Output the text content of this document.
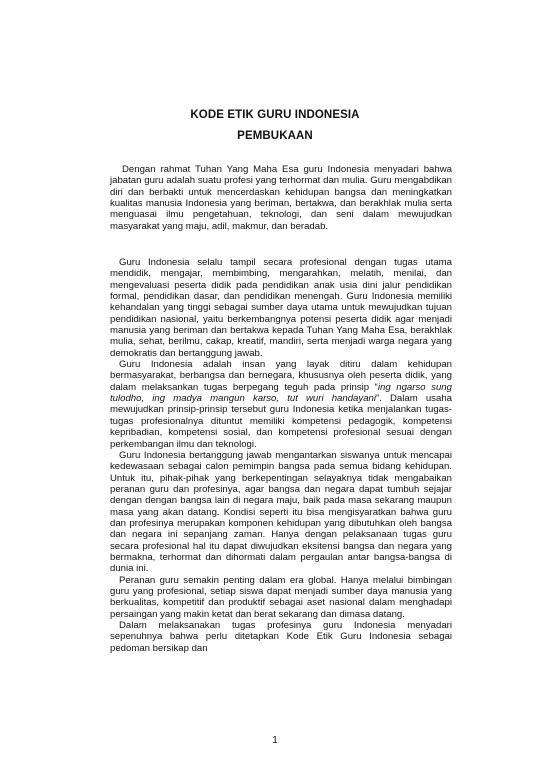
KODE ETIK GURU INDONESIA
PEMBUKAAN

Dengan rahmat Tuhan Yang Maha Esa guru Indonesia menyadari bahwa jabatan guru adalah suatu profesi yang terhormat dan mulia. Guru mengabdikan diri dan berbakti untuk mencerdaskan kehidupan bangsa dan meningkatkan kualitas manusia Indonesia yang beriman, bertakwa, dan berakhlak mulia serta menguasai ilmu pengetahuan, teknologi, dan seni dalam mewujudkan masyarakat yang maju, adil, makmur, dan beradab.

Guru Indonesia selalu tampil secara profesional dengan tugas utama mendidik, mengajar, membimbing, mengarahkan, melatih, menilai, dan mengevaluasi peserta didik pada pendidikan anak usia dini jalur pendidikan formal, pendidikan dasar, dan pendidikan menengah. Guru Indonesia memiliki kehandalan yang tinggi sebagai sumber daya utama untuk mewujudkan tujuan pendidikan nasional, yaitu berkembangnya potensi peserta didik agar menjadi manusia yang beriman dan bertakwa kepada Tuhan Yang Maha Esa, berakhlak mulia, sehat, berilmu, cakap, kreatif, mandiri, serta menjadi warga negara yang demokratis dan bertanggung jawab.

Guru Indonesia adalah insan yang layak ditiru dalam kehidupan bermasyarakat, berbangsa dan bernegara, khususnya oleh peserta didik, yang dalam melaksankan tugas berpegang teguh pada prinsip “ing ngarso sung tulodho, ing madya mangun karso, tut wuri handayani”. Dalam usaha mewujudkan prinsip-prinsip tersebut guru Indonesia ketika menjalankan tugas-tugas profesionalnya dituntut memiliki kompetensi pedagogik, kompetensi kepribadian, kompetensi sosial, dan kompetensi profesional sesuai dengan perkembangan ilmu dan teknologi.

Guru Indonesia bertanggung jawab mengantarkan siswanya untuk mencapai kedewasaan sebagai calon pemimpin bangsa pada semua bidang kehidupan. Untuk itu, pihak-pihak yang berkepentingan selayaknya tidak mengabaikan peranan guru dan profesinya, agar bangsa dan negara dapat tumbuh sejajar dengan dengan bangsa lain di negara maju, baik pada masa sekarang maupun masa yang akan datang. Kondisi seperti itu bisa mengisyaratkan bahwa guru dan profesinya merupakan komponen kehidupan yang dibutuhkan oleh bangsa dan negara ini sepanjang zaman. Hanya dengan pelaksanaan tugas guru secara profesional hal itu dapat diwujudkan eksitensi bangsa dan negara yang bermakna, terhormat dan dihormati dalam pergaulan antar bangsa-bangsa di dunia ini.

Peranan guru semakin penting dalam era global. Hanya melalui bimbingan guru yang profesional, setiap siswa dapat menjadi sumber daya manusia yang berkualitas, kompetitif dan produktif sebagai aset nasional dalam menghadapi persaingan yang makin ketat dan berat sekarang dan dimasa datang.

Dalam melaksanakan tugas profesinya guru Indonesia menyadari sepenuhnya bahwa perlu ditetapkan Kode Etik Guru Indonesia sebagai pedoman bersikap dan

1
